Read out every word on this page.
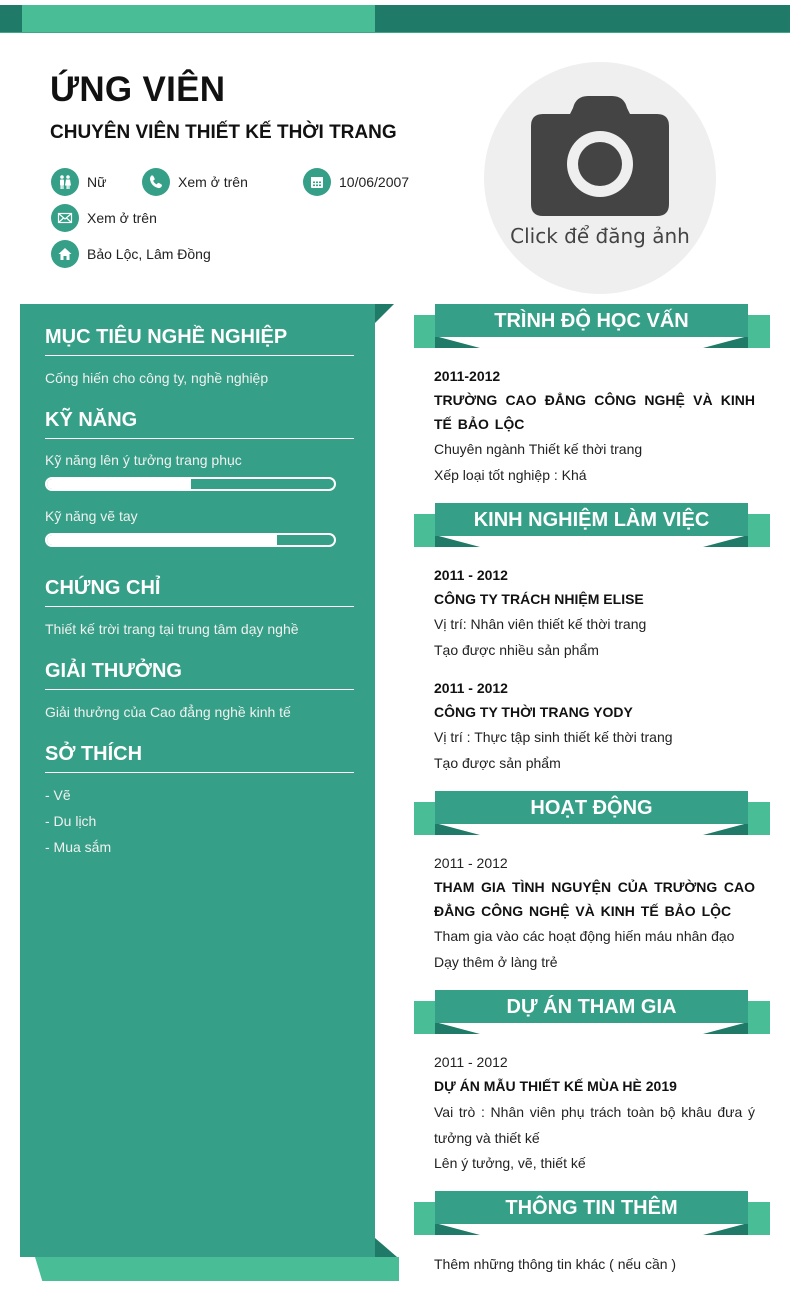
ỨNG VIÊN
CHUYÊN VIÊN THIẾT KẾ THỜI TRANG
Nữ	Xem ở trên	10/06/2007
Xem ở trên
Bảo Lộc, Lâm Đồng
Click để đăng ảnh
MỤC TIÊU NGHỀ NGHIỆP
Cống hiến cho công ty, nghề nghiệp
KỸ NĂNG
Kỹ năng lên ý tưởng trang phục
Kỹ năng vẽ tay
CHỨNG CHỈ
Thiết kế trời trang tại trung tâm dạy nghề
GIẢI THƯỞNG
Giải thưởng của Cao đẳng nghề kinh tế
SỞ THÍCH
- Vẽ
- Du lịch
- Mua sắm
TRÌNH ĐỘ HỌC VẤN
2011-2012
TRƯỜNG CAO ĐẲNG CÔNG NGHỆ VÀ KINH TẾ BẢO LỘC
Chuyên ngành Thiết kế thời trang
Xếp loại tốt nghiệp : Khá
KINH NGHIỆM LÀM VIỆC
2011 - 2012
CÔNG TY TRÁCH NHIỆM ELISE
Vị trí: Nhân viên thiết kế thời trang
Tạo được nhiều sản phẩm
2011 - 2012
CÔNG TY THỜI TRANG YODY
Vị trí : Thực tập sinh thiết kế thời trang
Tạo được sản phẩm
HOẠT ĐỘNG
2011 - 2012
THAM GIA TÌNH NGUYỆN CỦA TRƯỜNG CAO ĐẲNG CÔNG NGHỆ VÀ KINH TẾ BẢO LỘC
Tham gia vào các hoạt động hiến máu nhân đạo
Dạy thêm ở làng trẻ
DỰ ÁN THAM GIA
2011 - 2012
DỰ ÁN MẪU THIẾT KẾ MÙA HÈ 2019
Vai trò : Nhân viên phụ trách toàn bộ khâu đưa ý tưởng và thiết kế
Lên ý tưởng, vẽ, thiết kế
THÔNG TIN THÊM
Thêm những thông tin khác ( nếu cần )
